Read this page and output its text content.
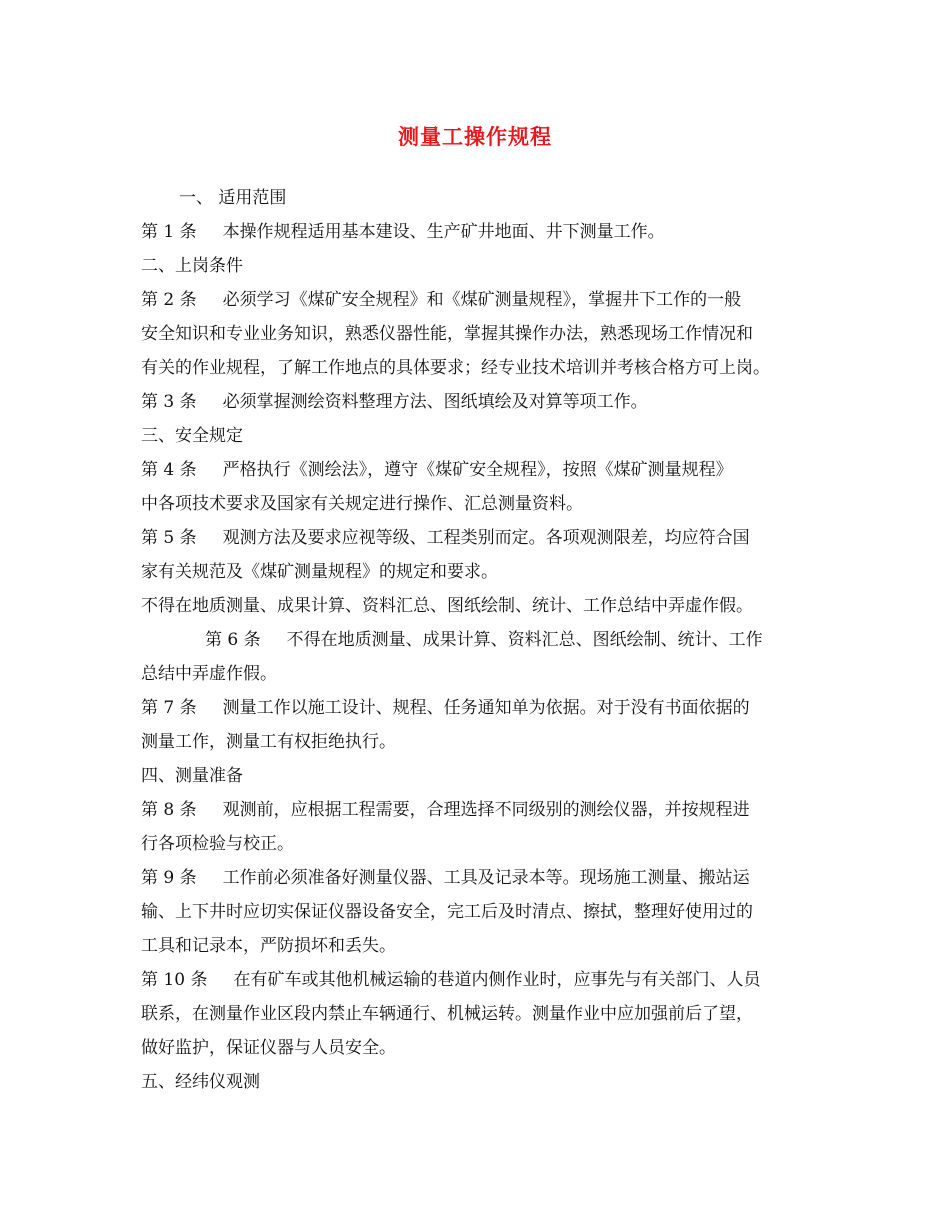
测量工操作规程
一、 适用范围
第 1 条 本操作规程适用基本建设、生产矿井地面、井下测量工作。
二、上岗条件
第 2 条 必须学习《煤矿安全规程》和《煤矿测量规程》，掌握井下工作的一般
安全知识和专业业务知识，熟悉仪器性能，掌握其操作办法，熟悉现场工作情况和
有关的作业规程，了解工作地点的具体要求；经专业技术培训并考核合格方可上岗。
第 3 条 必须掌握测绘资料整理方法、图纸填绘及对算等项工作。
三、安全规定
第 4 条 严格执行《测绘法》，遵守《煤矿安全规程》，按照《煤矿测量规程》
中各项技术要求及国家有关规定进行操作、汇总测量资料。
第 5 条 观测方法及要求应视等级、工程类别而定。各项观测限差，均应符合国
家有关规范及《煤矿测量规程》的规定和要求。
不得在地质测量、成果计算、资料汇总、图纸绘制、统计、工作总结中弄虚作假。
第 6 条 不得在地质测量、成果计算、资料汇总、图纸绘制、统计、工作
总结中弄虚作假。
第 7 条 测量工作以施工设计、规程、任务通知单为依据。对于没有书面依据的
测量工作，测量工有权拒绝执行。
四、测量准备
第 8 条 观测前，应根据工程需要，合理选择不同级别的测绘仪器，并按规程进
行各项检验与校正。
第 9 条 工作前必须准备好测量仪器、工具及记录本等。现场施工测量、搬站运
输、上下井时应切实保证仪器设备安全，完工后及时清点、擦拭，整理好使用过的
工具和记录本，严防损坏和丢失。
第 10 条 在有矿车或其他机械运输的巷道内侧作业时，应事先与有关部门、人员
联系，在测量作业区段内禁止车辆通行、机械运转。测量作业中应加强前后了望，
做好监护，保证仪器与人员安全。
五、经纬仪观测
